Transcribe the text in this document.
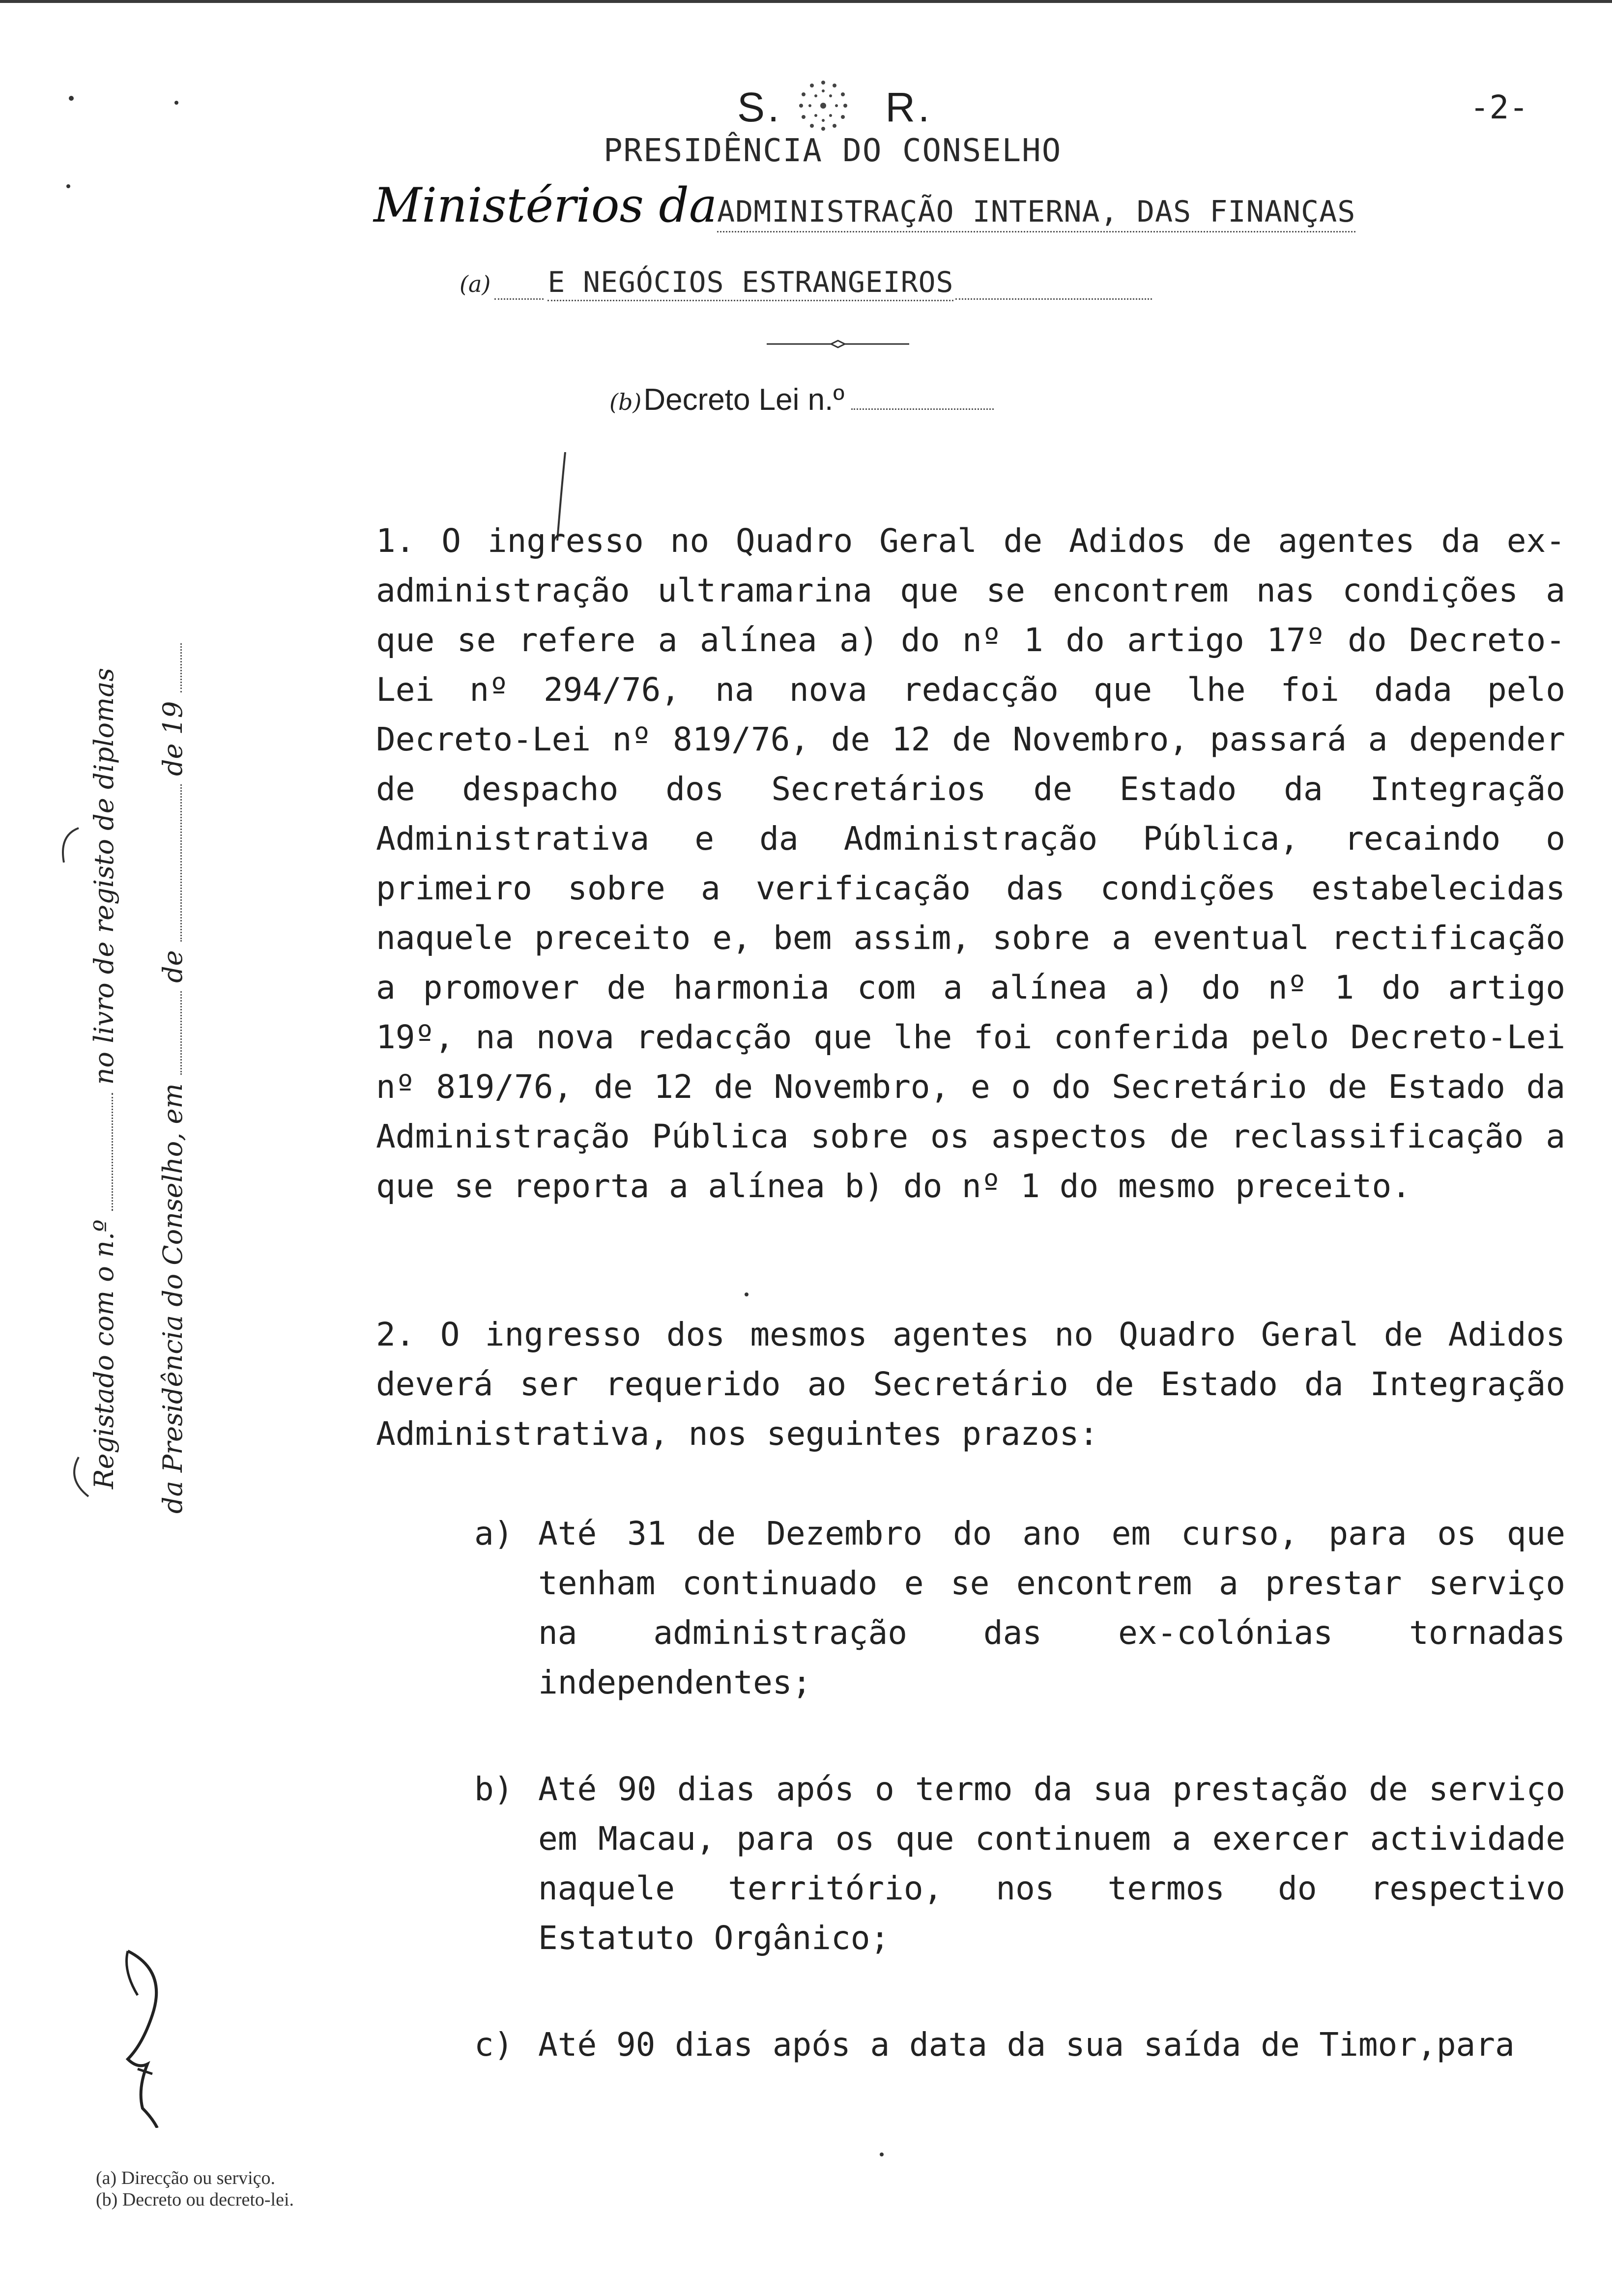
-2-
S.	R.
PRESIDÊNCIA DO CONSELHO
Ministérios daADMINISTRAÇÃO INTERNA, DAS FINANÇAS
(a) E NEGÓCIOS ESTRANGEIROS
(b) Decreto Lei n.º

1. O ingresso no Quadro Geral de Adidos de agentes da ex-administração ultramarina que se encontrem nas condições a que se refere a alínea a) do nº 1 do artigo 17º do Decreto-Lei nº 294/76, na nova redacção que lhe foi dada pelo Decreto-Lei nº 819/76, de 12 de Novembro, passará a depender de despacho dos Secretários de Estado da Integração Administrativa e da Administração Pública, recaindo o primeiro sobre a verificação das condições estabelecidas naquele preceito e, bem assim, sobre a eventual rectificação a promover de harmonia com a alínea a) do nº 1 do artigo 19º, na nova redacção que lhe foi conferida pelo Decreto-Lei nº 819/76, de 12 de Novembro, e o do Secretário de Estado da Administração Pública sobre os aspectos de reclassificação a que se reporta a alínea b) do nº 1 do mesmo preceito.

2. O ingresso dos mesmos agentes no Quadro Geral de Adidos deverá ser requerido ao Secretário de Estado da Integração Administrativa, nos seguintes prazos:

a) Até 31 de Dezembro do ano em curso, para os que tenham continuado e se encontrem a prestar serviço na administração das ex-colónias tornadas independentes;
b) Até 90 dias após o termo da sua prestação de serviço em Macau, para os que continuem a exercer actividade naquele território, nos termos do respectivo Estatuto Orgânico;
c) Até 90 dias após a data da sua saída de Timor,para
Registado com o n.º  no livro de registo de diplomas
da Presidência do Conselho, em  de  de 19
(a) Direcção ou serviço.
(b) Decreto ou decreto-lei.
